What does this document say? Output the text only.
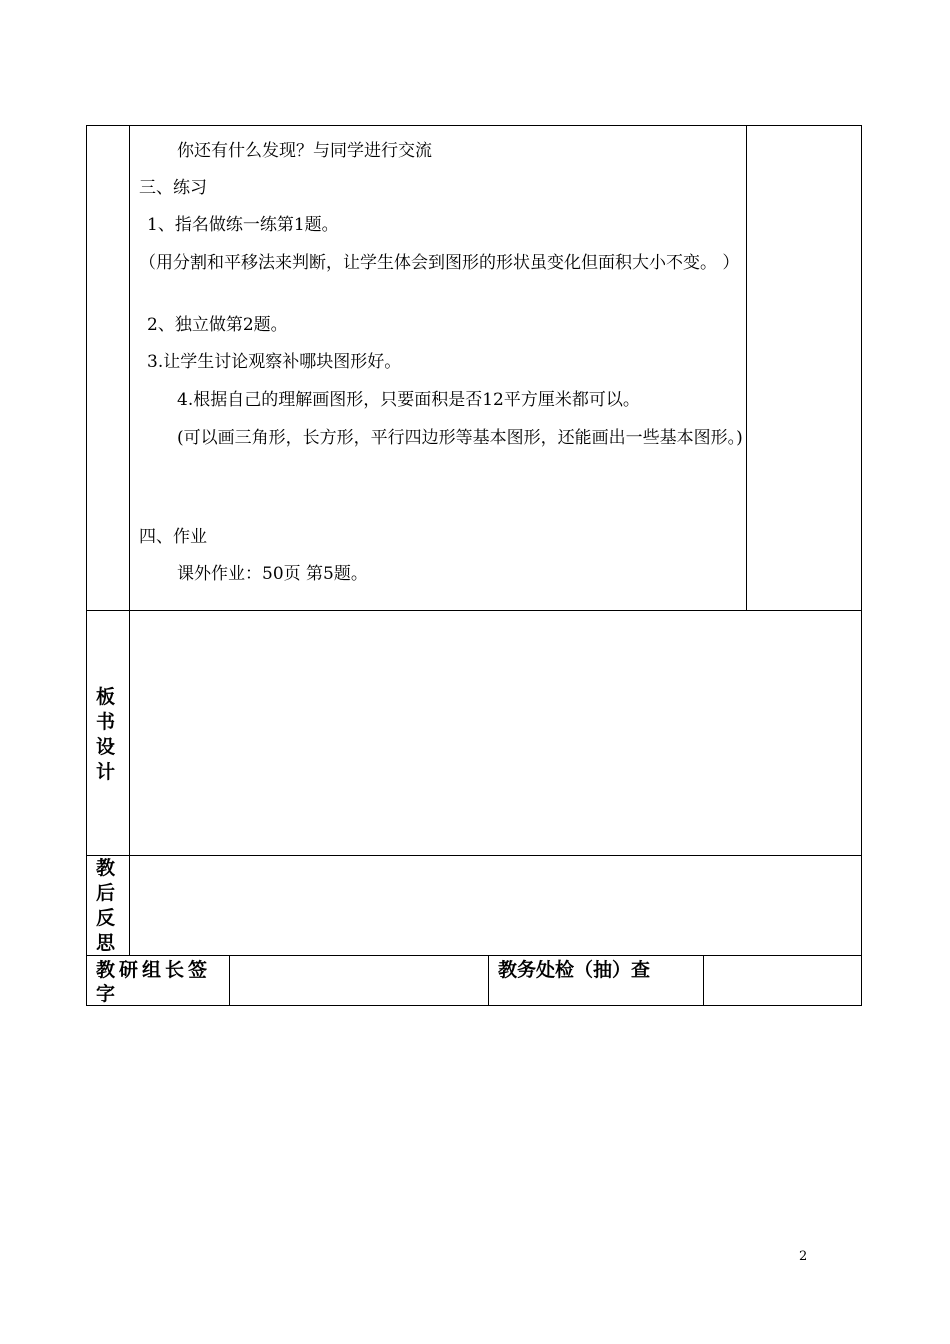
你还有什么发现？与同学进行交流
三、练习
1、指名做练一练第1题。
（用分割和平移法来判断，让学生体会到图形的形状虽变化但面积大小不变。 ）
2、独立做第2题。
3.让学生讨论观察补哪块图形好。
4.根据自己的理解画图形，只要面积是否12平方厘米都可以。
(可以画三角形，长方形，平行四边形等基本图形，还能画出一些基本图形。)
四、作业
课外作业：50页 第5题。
板书设计
教后反思
教研组长签字
教务处检（抽）查
2
